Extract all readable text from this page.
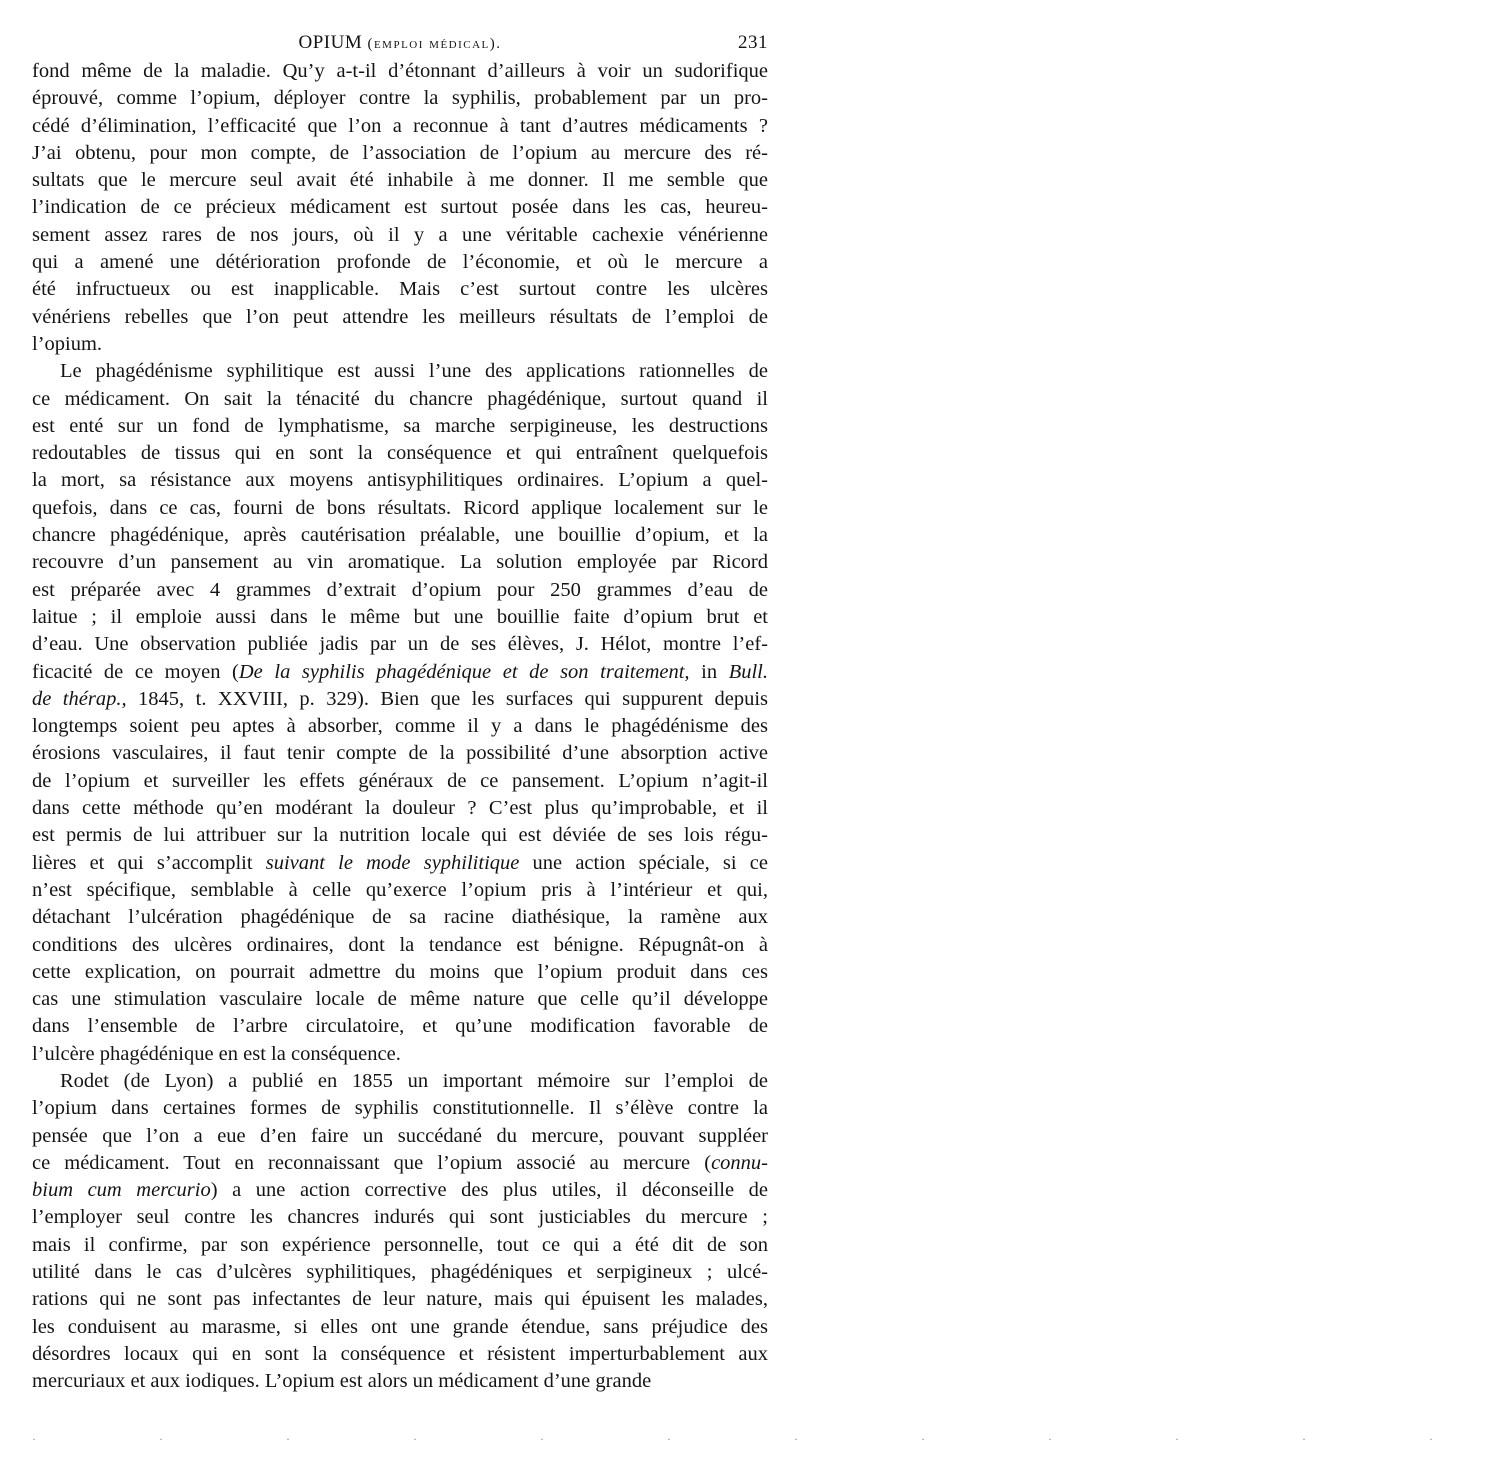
OPIUM (emploi médical).	231

fond même de la maladie. Qu’y a-t-il d’étonnant d’ailleurs à voir un sudorifique
éprouvé, comme l’opium, déployer contre la syphilis, probablement par un pro-
cédé d’élimination, l’efficacité que l’on a reconnue à tant d’autres médicaments ?
J’ai obtenu, pour mon compte, de l’association de l’opium au mercure des ré-
sultats que le mercure seul avait été inhabile à me donner. Il me semble que
l’indication de ce précieux médicament est surtout posée dans les cas, heureu-
sement assez rares de nos jours, où il y a une véritable cachexie vénérienne
qui a amené une détérioration profonde de l’économie, et où le mercure a
été infructueux ou est inapplicable. Mais c’est surtout contre les ulcères
vénériens rebelles que l’on peut attendre les meilleurs résultats de l’emploi de
l’opium.

Le phagédénisme syphilitique est aussi l’une des applications rationnelles de
ce médicament. On sait la ténacité du chancre phagédénique, surtout quand il
est enté sur un fond de lymphatisme, sa marche serpigineuse, les destructions
redoutables de tissus qui en sont la conséquence et qui entraînent quelquefois
la mort, sa résistance aux moyens antisyphilitiques ordinaires. L’opium a quel-
quefois, dans ce cas, fourni de bons résultats. Ricord applique localement sur le
chancre phagédénique, après cautérisation préalable, une bouillie d’opium, et la
recouvre d’un pansement au vin aromatique. La solution employée par Ricord
est préparée avec 4 grammes d’extrait d’opium pour 250 grammes d’eau de
laitue ; il emploie aussi dans le même but une bouillie faite d’opium brut et
d’eau. Une observation publiée jadis par un de ses élèves, J. Hélot, montre l’ef-
ficacité de ce moyen (De la syphilis phagédénique et de son traitement, in Bull.
de thérap., 1845, t. XXVIII, p. 329). Bien que les surfaces qui suppurent depuis
longtemps soient peu aptes à absorber, comme il y a dans le phagédénisme des
érosions vasculaires, il faut tenir compte de la possibilité d’une absorption active
de l’opium et surveiller les effets généraux de ce pansement. L’opium n’agit-il
dans cette méthode qu’en modérant la douleur ? C’est plus qu’improbable, et il
est permis de lui attribuer sur la nutrition locale qui est déviée de ses lois régu-
lières et qui s’accomplit suivant le mode syphilitique une action spéciale, si ce
n’est spécifique, semblable à celle qu’exerce l’opium pris à l’intérieur et qui,
détachant l’ulcération phagédénique de sa racine diathésique, la ramène aux
conditions des ulcères ordinaires, dont la tendance est bénigne. Répugnât-on à
cette explication, on pourrait admettre du moins que l’opium produit dans ces
cas une stimulation vasculaire locale de même nature que celle qu’il développe
dans l’ensemble de l’arbre circulatoire, et qu’une modification favorable de
l’ulcère phagédénique en est la conséquence.

Rodet (de Lyon) a publié en 1855 un important mémoire sur l’emploi de
l’opium dans certaines formes de syphilis constitutionnelle. Il s’élève contre la
pensée que l’on a eue d’en faire un succédané du mercure, pouvant suppléer
ce médicament. Tout en reconnaissant que l’opium associé au mercure (connu-
bium cum mercurio) a une action corrective des plus utiles, il déconseille de
l’employer seul contre les chancres indurés qui sont justiciables du mercure ;
mais il confirme, par son expérience personnelle, tout ce qui a été dit de son
utilité dans le cas d’ulcères syphilitiques, phagédéniques et serpigineux ; ulcé-
rations qui ne sont pas infectantes de leur nature, mais qui épuisent les malades,
les conduisent au marasme, si elles ont une grande étendue, sans préjudice des
désordres locaux qui en sont la conséquence et résistent imperturbablement aux
mercuriaux et aux iodiques. L’opium est alors un médicament d’une grande

· · · · · · · · · · · ·
